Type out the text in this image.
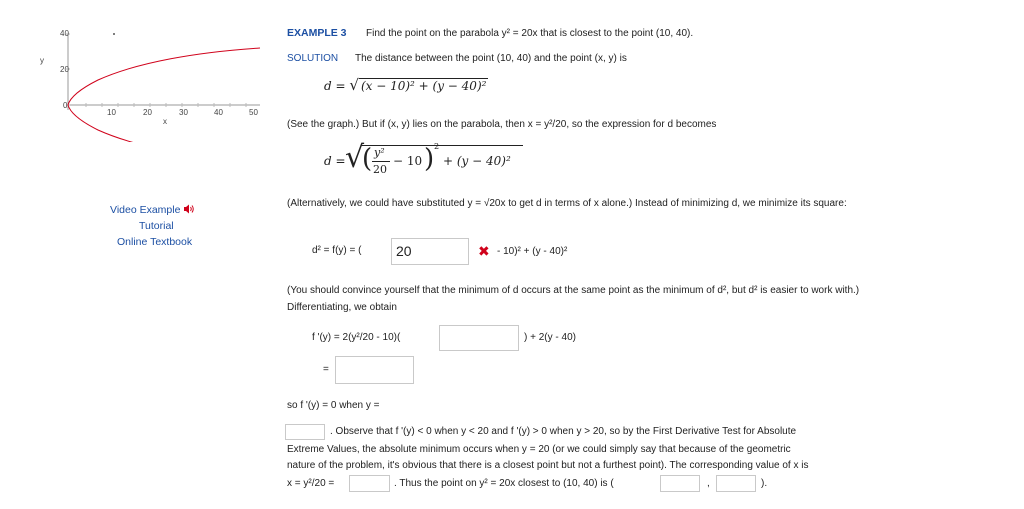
40
y
20
0
10	20	30	40	50
x
Video Example
Tutorial
Online Textbook
EXAMPLE 3 Find the point on the parabola y² = 20x that is closest to the point (10, 40).
SOLUTION The distance between the point (10, 40) and the point (x, y) is
d = √ (x − 10)² + (y − 40)²
(See the graph.) But if (x, y) lies on the parabola, then x = y²/20, so the expression for d becomes
d = √
( y²
20
− 10 ) 2
+ (y − 40)²
(Alternatively, we could have substituted y = √20x to get d in terms of x alone.) Instead of minimizing d, we minimize its square:
d² = f(y) = (	20	✖ - 10)² + (y - 40)²
(You should convince yourself that the minimum of d occurs at the same point as the minimum of d², but d² is easier to work with.) Differentiating, we obtain
f '(y) = 2(y²/20 - 10)(	) + 2(y - 40)
=
so f '(y) = 0 when y =
. Observe that f '(y) < 0 when y < 20 and f '(y) > 0 when y > 20, so by the First Derivative Test for Absolute
Extreme Values, the absolute minimum occurs when y = 20 (or we could simply say that because of the geometric
nature of the problem, it's obvious that there is a closest point but not a furthest point). The corresponding value of x is
x = y²/20 =	. Thus the point on y² = 20x closest to (10, 40) is (	,	).
